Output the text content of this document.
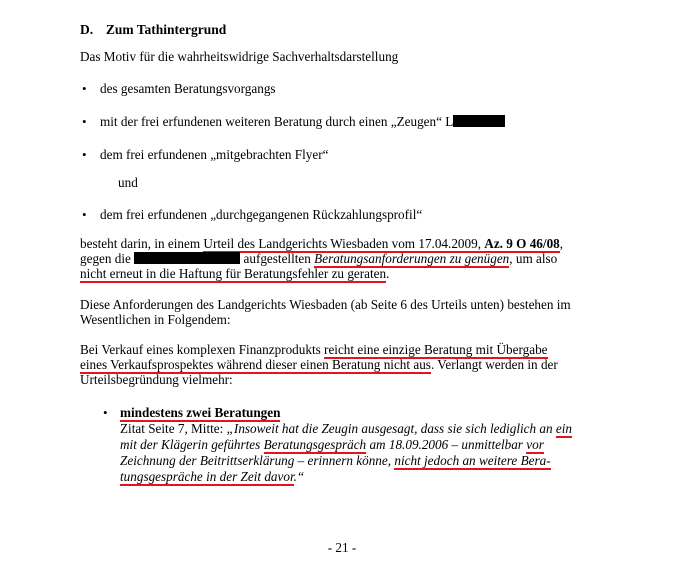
D. Zum Tathintergrund
Das Motiv für die wahrheitswidrige Sachverhaltsdarstellung
• des gesamten Beratungsvorgangs
• mit der frei erfundenen weiteren Beratung durch einen „Zeugen“ L
• dem frei erfundenen „mitgebrachten Flyer“
und
• dem frei erfundenen „durchgegangenen Rückzahlungsprofil“
besteht darin, in einem Urteil des Landgerichts Wiesbaden vom 17.04.2009, Az. 9 O 46/08,
gegen die	aufgestellten Beratungsanforderungen zu genügen, um also
nicht erneut in die Haftung für Beratungsfehler zu geraten.
Diese Anforderungen des Landgerichts Wiesbaden (ab Seite 6 des Urteils unten) bestehen im
Wesentlichen in Folgendem:
Bei Verkauf eines komplexen Finanzprodukts reicht eine einzige Beratung mit Übergabe
eines Verkaufsprospektes während dieser einen Beratung nicht aus. Verlangt werden in der
Urteilsbegründung vielmehr:
• mindestens zwei Beratungen
Zitat Seite 7, Mitte: „Insoweit hat die Zeugin ausgesagt, dass sie sich lediglich an ein
mit der Klägerin geführtes Beratungsgespräch am 18.09.2006 – unmittelbar vor
Zeichnung der Beitrittserklärung – erinnern könne, nicht jedoch an weitere Bera-
tungsgespräche in der Zeit davor.“
- 21 -
